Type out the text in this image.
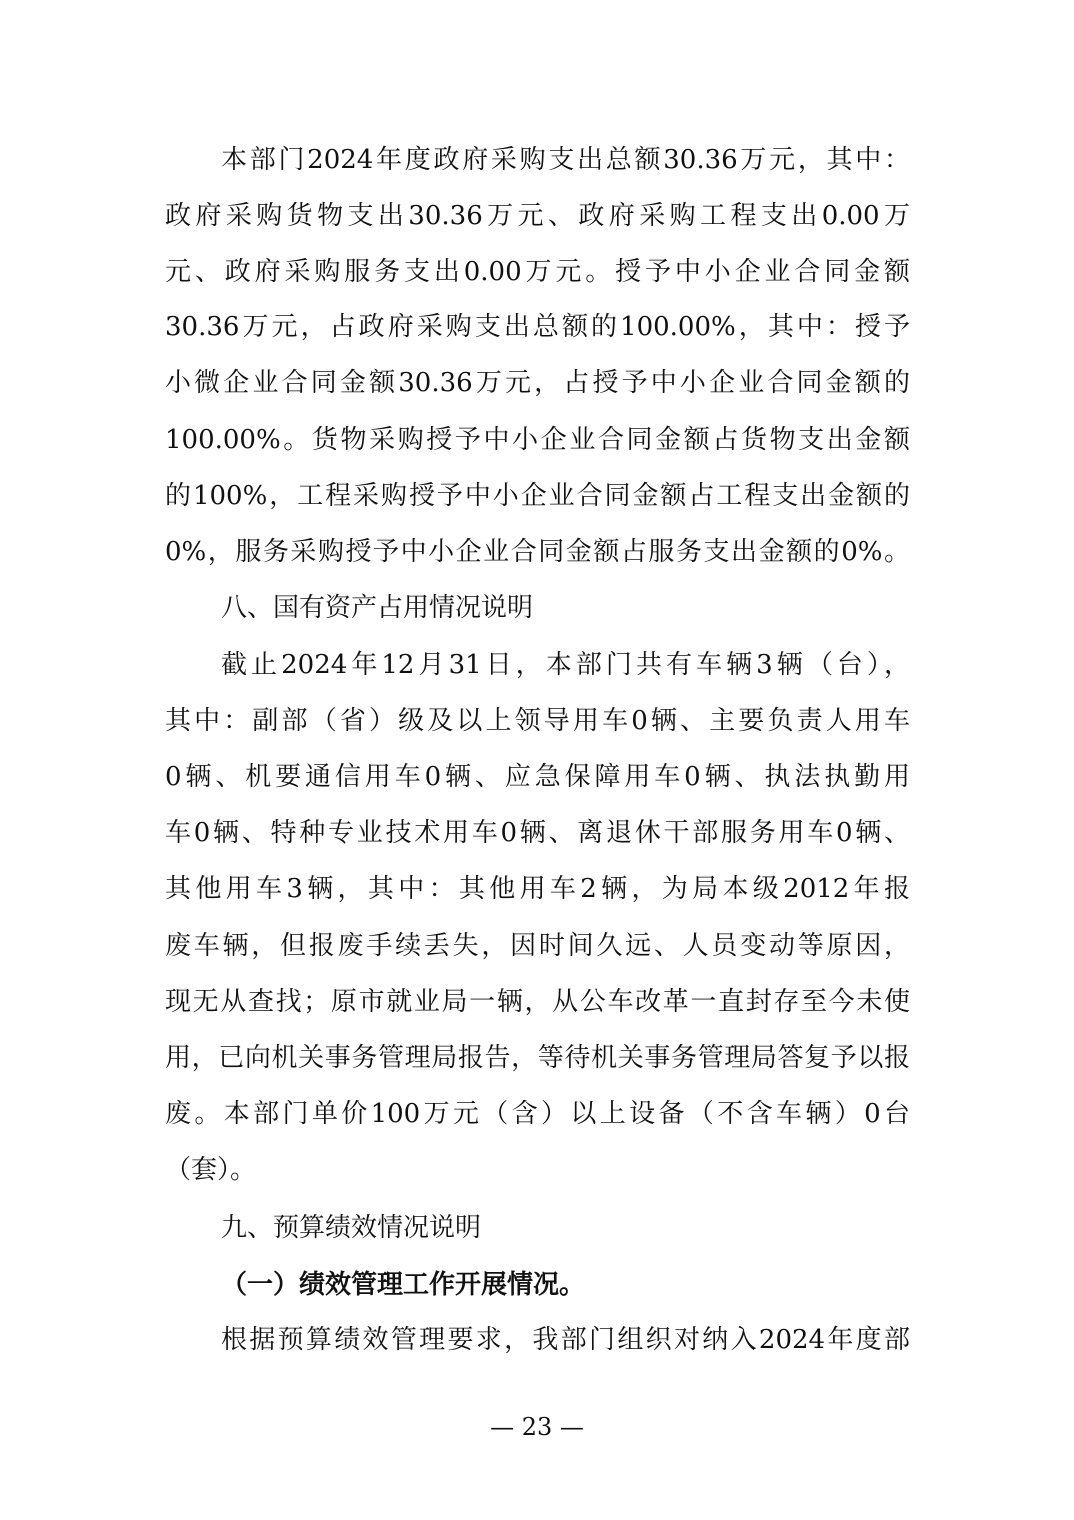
本部门2024年度政府采购支出总额30.36万元，其中：
政府采购货物支出30.36万元、政府采购工程支出0.00万
元、政府采购服务支出0.00万元。授予中小企业合同金额
30.36万元，占政府采购支出总额的100.00%，其中：授予
小微企业合同金额30.36万元，占授予中小企业合同金额的
100.00%。货物采购授予中小企业合同金额占货物支出金额
的100%，工程采购授予中小企业合同金额占工程支出金额的
0%，服务采购授予中小企业合同金额占服务支出金额的0%。
八、国有资产占用情况说明
截止2024年12月31日，本部门共有车辆3辆（台），
其中：副部（省）级及以上领导用车0辆、主要负责人用车
0辆、机要通信用车0辆、应急保障用车0辆、执法执勤用
车0辆、特种专业技术用车0辆、离退休干部服务用车0辆、
其他用车3辆，其中：其他用车2辆，为局本级2012年报
废车辆，但报废手续丢失，因时间久远、人员变动等原因，
现无从查找；原市就业局一辆，从公车改革一直封存至今未使
用，已向机关事务管理局报告，等待机关事务管理局答复予以报
废。本部门单价100万元（含）以上设备（不含车辆）0台
（套）。
九、预算绩效情况说明
（一）绩效管理工作开展情况。
根据预算绩效管理要求，我部门组织对纳入2024年度部
— 23 —
